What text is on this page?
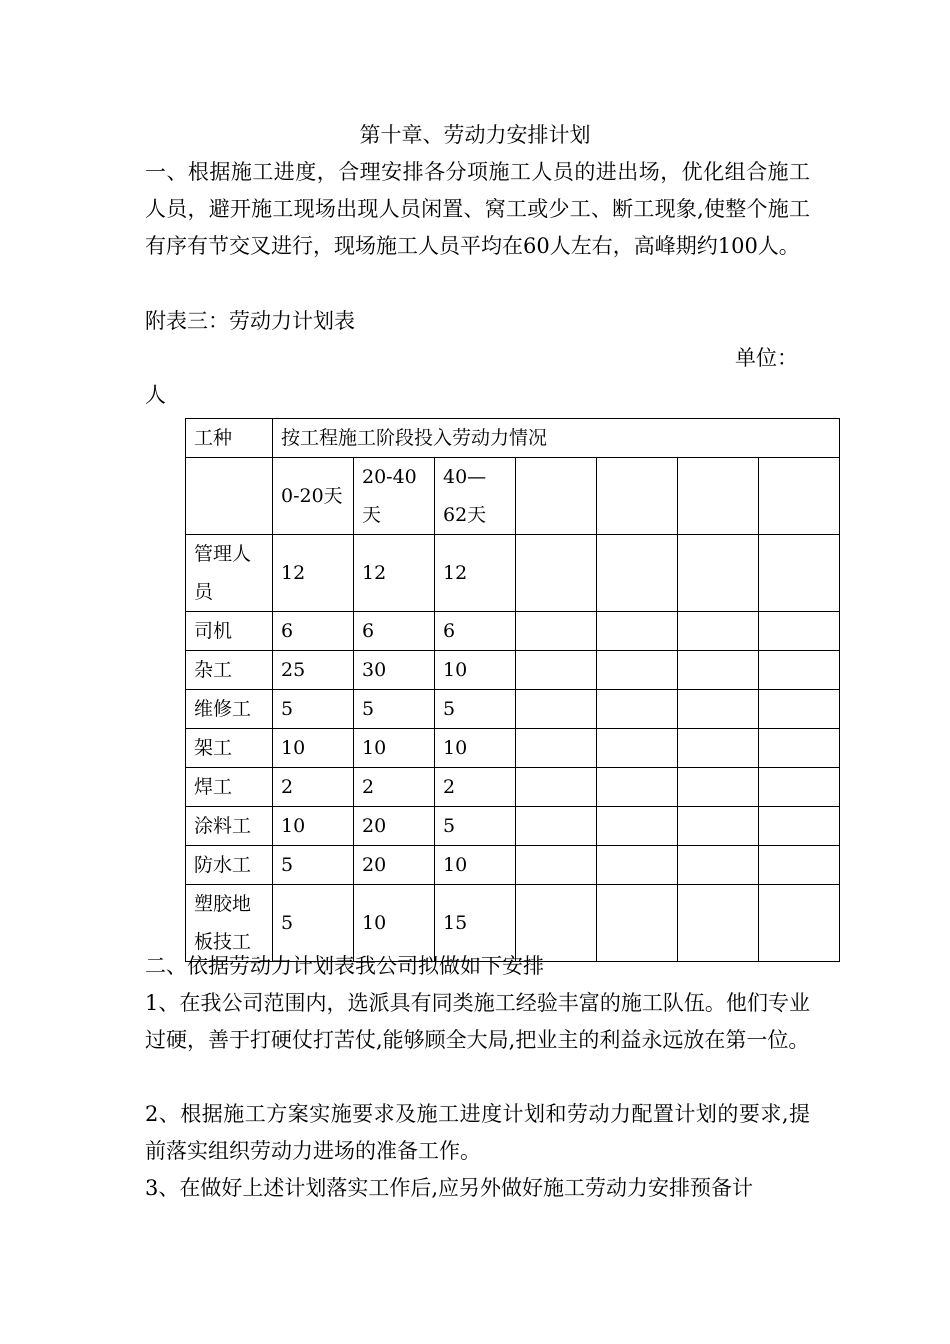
第十章、劳动力安排计划
一、根据施工进度，合理安排各分项施工人员的进出场，优化组合施工人员，避开施工现场出现人员闲置、窝工或少工、断工现象,使整个施工有序有节交叉进行，现场施工人员平均在60人左右，高峰期约100人。
附表三：劳动力计划表
单位：
人
工种	按工程施工阶段投入劳动力情况						
	0-20天	20-40天	40—62天				
管理人员	12	12	12				
司机	6	6	6				
杂工	25	30	10				
维修工	5	5	5				
架工	10	10	10				
焊工	2	2	2				
涂料工	10	20	5				
防水工	5	20	10				
塑胶地板技工	5	10	15				
二、依据劳动力计划表我公司拟做如下安排
1、在我公司范围内，选派具有同类施工经验丰富的施工队伍。他们专业过硬，善于打硬仗打苦仗,能够顾全大局,把业主的利益永远放在第一位。
2、根据施工方案实施要求及施工进度计划和劳动力配置计划的要求,提前落实组织劳动力进场的准备工作。
3、在做好上述计划落实工作后,应另外做好施工劳动力安排预备计
